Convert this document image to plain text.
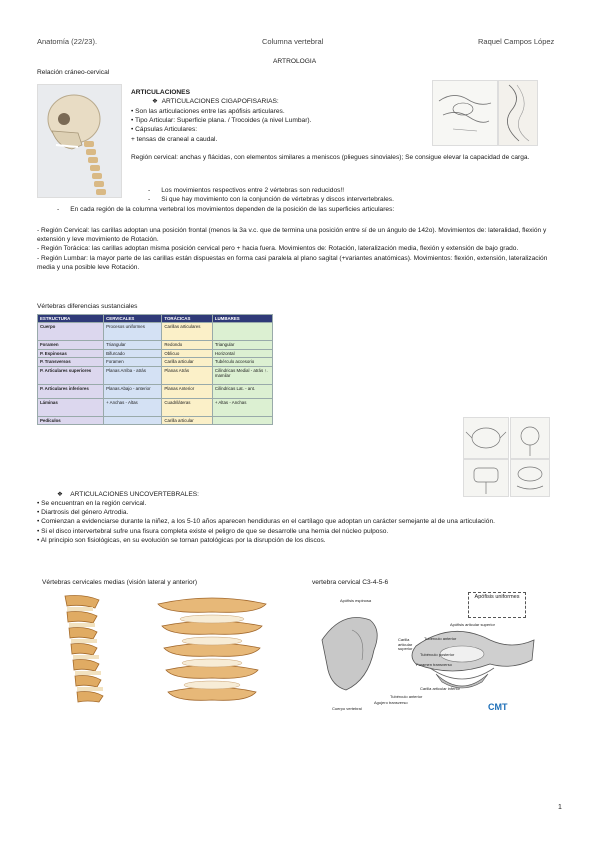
Anatomía (22/23).	Columna vertebral	Raquel Campos López
ARTROLOGIA
Relación cráneo-cervical
ARTICULACIONES
❖  ARTICULACIONES CIGAPOFISARIAS:
• Son las articulaciones entre las apófisis articulares.
• Tipo Articular: Superficie plana. / Trocoides (a nivel Lumbar).
• Cápsulas Articulares:
+ tensas de craneal a caudal.
Región cervical: anchas y flácidas, con elementos similares a meniscos (pliegues sinoviales); Se consigue elevar la capacidad de carga.
-      Los movimientos respectivos entre 2 vértebras son reducidos!!
-      Si que hay movimiento con la conjunción de vértebras y discos intervertebrales.
-      En cada región de la columna vertebral los movimientos dependen de la posición de las superficies articulares:
- Región Cervical: las carillas adoptan una posición frontal (menos la 3a v.c. que de termina una posición entre sí de un ángulo de 142o). Movimientos de: lateralidad, flexión y extensión y leve movimiento de Rotación.
- Región Torácica: las carillas adoptan misma posición cervical pero + hacia fuera. Movimientos de: Rotación, lateralización media, flexión y extensión de bajo grado.
- Región Lumbar: la mayor parte de las carillas están dispuestas en forma casi paralela al plano sagital (+variantes anatómicas). Movimientos: flexión, extensión, lateralización media y una posible leve Rotación.
Vértebras diferencias sustanciales
ESTRUCTURA	CERVICALES	TORÁCICAS	LUMBARES
Cuerpo	Procesos uniformes	Carillas articulares	
Foramen	Triangular	Redondo	Triangular
P. Espinosas	Bifurcado	Oblicuo	Horizontal
P. Transversos	Foramen	Carilla articular	Tubérculo accesorio
P. Articulares superiores	Planas Arriba - atrás	Planas Atrás	Cilíndricas Medial - atrás ↑. mamilar
P. Articulares inferiores	Planas Abajo - anterior	Planas Anterior	Cilíndricas Lat. - ant.
Láminas	+ Anchas - Altas	Cuadriláteras	+ Altas - Anchas
Pedículos		Carilla articular	
❖    ARTICULACIONES UNCOVERTEBRALES:
• Se encuentran en la región cervical.
• Diartrosis del género Artrodia.
• Comienzan a evidenciarse durante la niñez, a los 5-10 años aparecen hendiduras en el cartílago que adoptan un carácter semejante al de una articulación.
• Si el disco intervertebral sufre una fisura completa existe el peligro de que se desarrolle una hernia del núcleo pulposo.
• Al principio son fisiológicas, en su evolución se tornan patológicas por la disrupción de los discos.
Vértebras cervicales medias (visión lateral y anterior)	vertebra cervical C3-4-5-6
Apófisis uniformes
Apófisis espinosa
Apófisis articular superior
Carilla articular superior
Tubérculo anterior
Tubérculo posterior
Foramen transverso
Carilla articular inferior
Tubérculo anterior
Cuerpo vertebral
Agujero transverso	CMT
1
